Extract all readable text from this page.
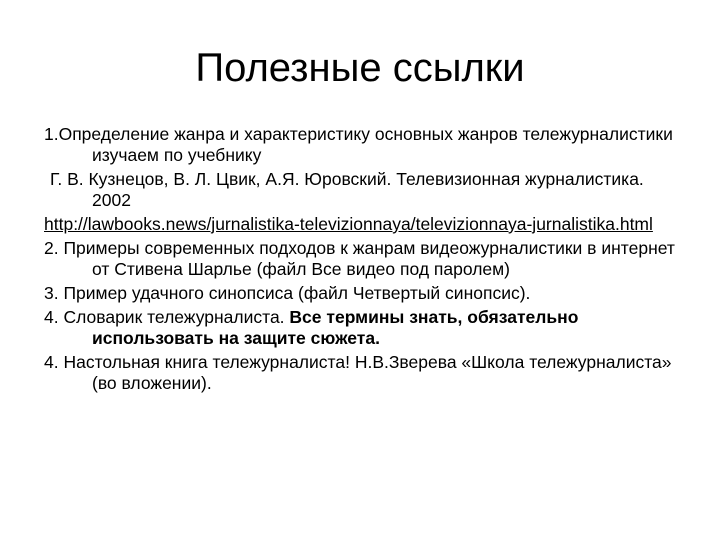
Полезные ссылки

1.Определение жанра и характеристику основных жанров тележурналистики изучаем по учебнику

Г. В. Кузнецов, В. Л. Цвик, А.Я. Юровский. Телевизионная журналистика. 2002

http://lawbooks.news/jurnalistika-televizionnaya/televizionnaya-jurnalistika.html

2. Примеры современных подходов к жанрам видеожурналистики в интернет от Стивена Шарлье (файл Все видео под паролем)

3. Пример удачного синопсиса (файл Четвертый синопсис).

4. Словарик тележурналиста. Все термины знать, обязательно использовать на защите сюжета.

4. Настольная книга тележурналиста! Н.В.Зверева «Школа тележурналиста» (во вложении).
